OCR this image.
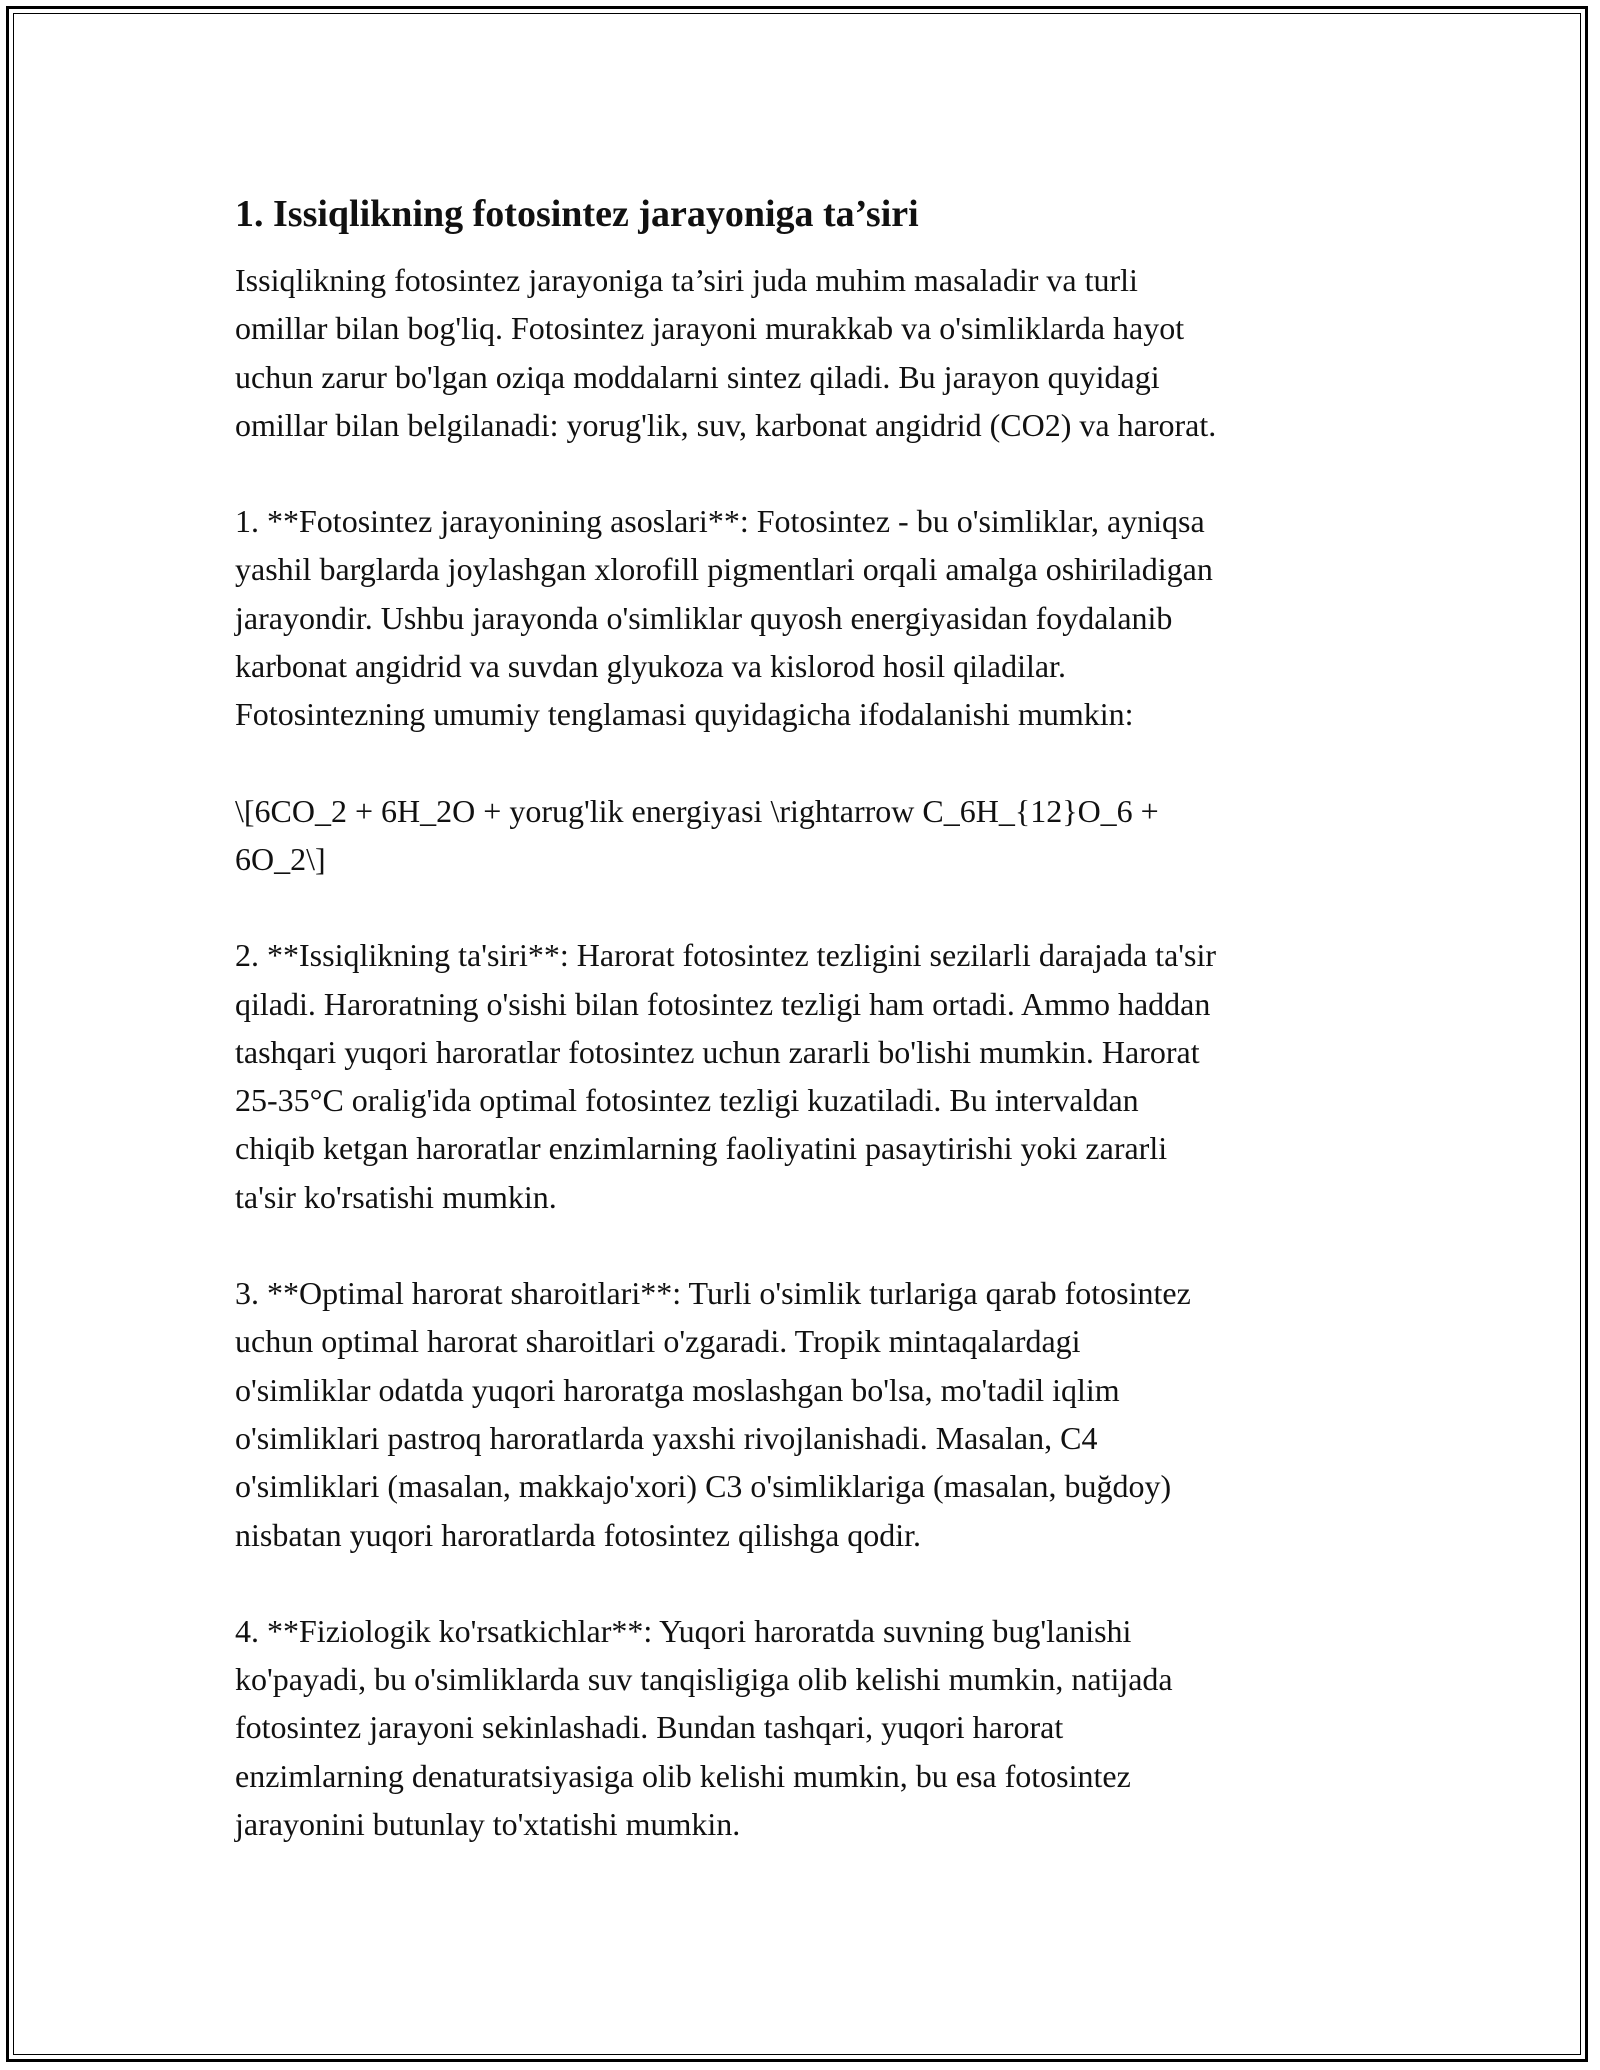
1. Issiqlikning fotosintez jarayoniga ta’siri
Issiqlikning fotosintez jarayoniga ta’siri juda muhim masaladir va turli
omillar bilan bog'liq. Fotosintez jarayoni murakkab va o'simliklarda hayot
uchun zarur bo'lgan oziqa moddalarni sintez qiladi. Bu jarayon quyidagi
omillar bilan belgilanadi: yorug'lik, suv, karbonat angidrid (CO2) va harorat.
1. **Fotosintez jarayonining asoslari**: Fotosintez - bu o'simliklar, ayniqsa
yashil barglarda joylashgan xlorofill pigmentlari orqali amalga oshiriladigan
jarayondir. Ushbu jarayonda o'simliklar quyosh energiyasidan foydalanib
karbonat angidrid va suvdan glyukoza va kislorod hosil qiladilar.
Fotosintezning umumiy tenglamasi quyidagicha ifodalanishi mumkin:
\[6CO_2 + 6H_2O + yorug'lik energiyasi \rightarrow C_6H_{12}O_6 +
6O_2\]
2. **Issiqlikning ta'siri**: Harorat fotosintez tezligini sezilarli darajada ta'sir
qiladi. Haroratning o'sishi bilan fotosintez tezligi ham ortadi. Ammo haddan
tashqari yuqori haroratlar fotosintez uchun zararli bo'lishi mumkin. Harorat
25-35°C oralig'ida optimal fotosintez tezligi kuzatiladi. Bu intervaldan
chiqib ketgan haroratlar enzimlarning faoliyatini pasaytirishi yoki zararli
ta'sir ko'rsatishi mumkin.
3. **Optimal harorat sharoitlari**: Turli o'simlik turlariga qarab fotosintez
uchun optimal harorat sharoitlari o'zgaradi. Tropik mintaqalardagi
o'simliklar odatda yuqori haroratga moslashgan bo'lsa, mo'tadil iqlim
o'simliklari pastroq haroratlarda yaxshi rivojlanishadi. Masalan, C4
o'simliklari (masalan, makkajo'xori) C3 o'simliklariga (masalan, buğdoy)
nisbatan yuqori haroratlarda fotosintez qilishga qodir.
4. **Fiziologik ko'rsatkichlar**: Yuqori haroratda suvning bug'lanishi
ko'payadi, bu o'simliklarda suv tanqisligiga olib kelishi mumkin, natijada
fotosintez jarayoni sekinlashadi. Bundan tashqari, yuqori harorat
enzimlarning denaturatsiyasiga olib kelishi mumkin, bu esa fotosintez
jarayonini butunlay to'xtatishi mumkin.
